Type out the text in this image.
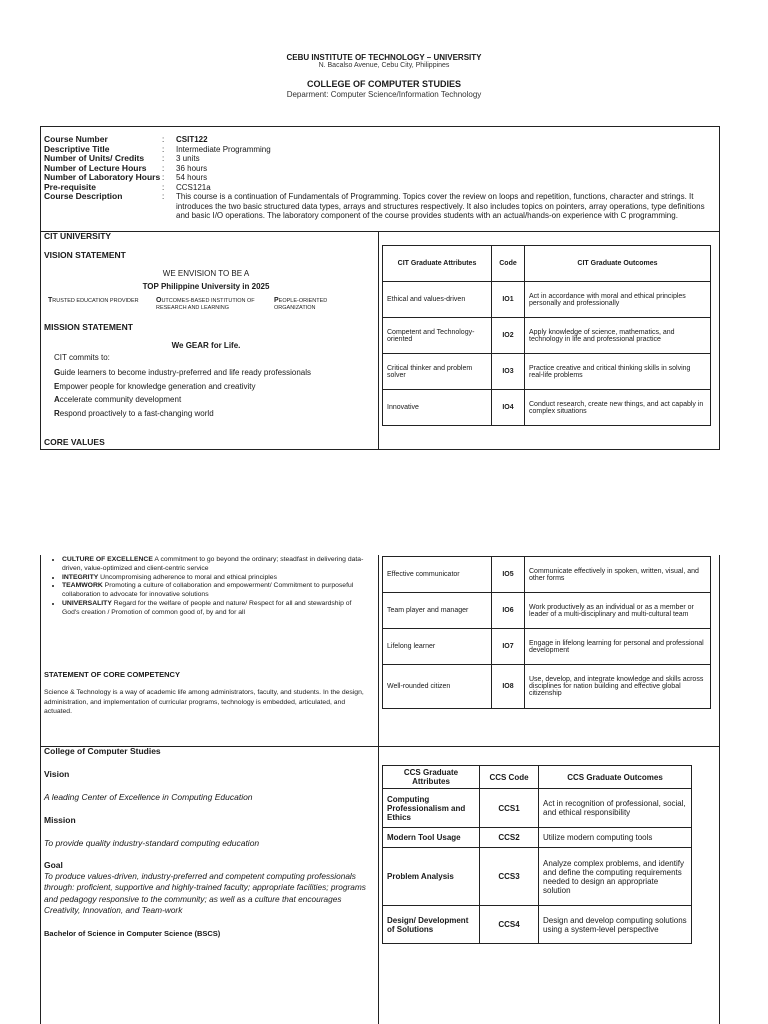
CEBU INSTITUTE OF TECHNOLOGY – UNIVERSITY
N. Bacalso Avenue, Cebu City, Philippines
COLLEGE OF COMPUTER STUDIES
Deparment: Computer Science/Information Technology
Course Number	:	CSIT122
Descriptive Title	:	Intermediate Programming
Number of Units/ Credits	:	3 units
Number of Lecture Hours	:	36 hours
Number of Laboratory Hours :	54 hours
Pre-requisite	:	CCS121a
Course Description	:	This course is a continuation of Fundamentals of Programming. Topics cover the review on loops and repetition, functions, character and strings. It introduces the two basic structured data types, arrays and structures respectively. It also includes topics on pointers, array operations, type definitions and basic I/O operations. The laboratory component of the course provides students with an actual/hands-on experience with C programming.
CIT UNIVERSITY
VISION STATEMENT
WE ENVISION TO BE A
TOP Philippine University in 2025
TRUSTED EDUCATION PROVIDER	OUTCOMES-BASED INSTITUTION OF RESEARCH AND LEARNING
PEOPLE-ORIENTED ORGANIZATION
MISSION STATEMENT
We GEAR for Life.
CIT commits to:
Guide learners to become industry-preferred and life ready professionals
Empower people for knowledge generation and creativity
Accelerate community development
Respond proactively to a fast-changing world
CORE VALUES
CIT Graduate Attributes	Code	CIT Graduate Outcomes
Ethical and values-driven	IO1	Act in accordance with moral and ethical principles personally and professionally
Competent and Technology-oriented	IO2	Apply knowledge of science, mathematics, and technology in life and professional practice
Critical thinker and problem solver	IO3	Practice creative and critical thinking skills in solving real-life problems
Innovative	IO4	Conduct research, create new things, and act capably in complex situations
• CULTURE OF EXCELLENCE A commitment to go beyond the ordinary; steadfast in delivering data-driven, value-optimized and client-centric service
• INTEGRITY Uncompromising adherence to moral and ethical principles
• TEAMWORK Promoting a culture of collaboration and empowerment/ Commitment to purposeful collaboration to advocate for innovative solutions
• UNIVERSALITY Regard for the welfare of people and nature/ Respect for all and stewardship of God's creation / Promotion of common good of, by and for all
STATEMENT OF CORE COMPETENCY
Science & Technology is a way of academic life among administrators, faculty, and students. In the design, administration, and implementation of curricular programs, technology is embedded, articulated, and actuated.
Effective communicator	IO5	Communicate effectively in spoken, written, visual, and other forms
Team player and manager	IO6	Work productively as an individual or as a member or leader of a multi-disciplinary and multi-cultural team
Lifelong learner	IO7	Engage in lifelong learning for personal and professional development
Well-rounded citizen	IO8	Use, develop, and integrate knowledge and skills across disciplines for nation building and effective global citizenship
College of Computer Studies
Vision
A leading Center of Excellence in Computing Education
Mission
To provide quality industry-standard computing education
Goal
To produce values-driven, industry-preferred and competent computing professionals through: proficient, supportive and highly-trained faculty; appropriate facilities; programs and pedagogy responsive to the community; as well as a culture that encourages Creativity, Innovation, and Team-work
Bachelor of Science in Computer Science (BSCS)
CCS Graduate Attributes	CCS Code	CCS Graduate Outcomes
Computing Professionalism and Ethics	CCS1	Act in recognition of professional, social, and ethical responsibility
Modern Tool Usage	CCS2	Utilize modern computing tools
Problem Analysis	CCS3	Analyze complex problems, and identify and define the computing requirements needed to design an appropriate solution
Design/ Development of Solutions	CCS4	Design and develop computing solutions using a system-level perspective
